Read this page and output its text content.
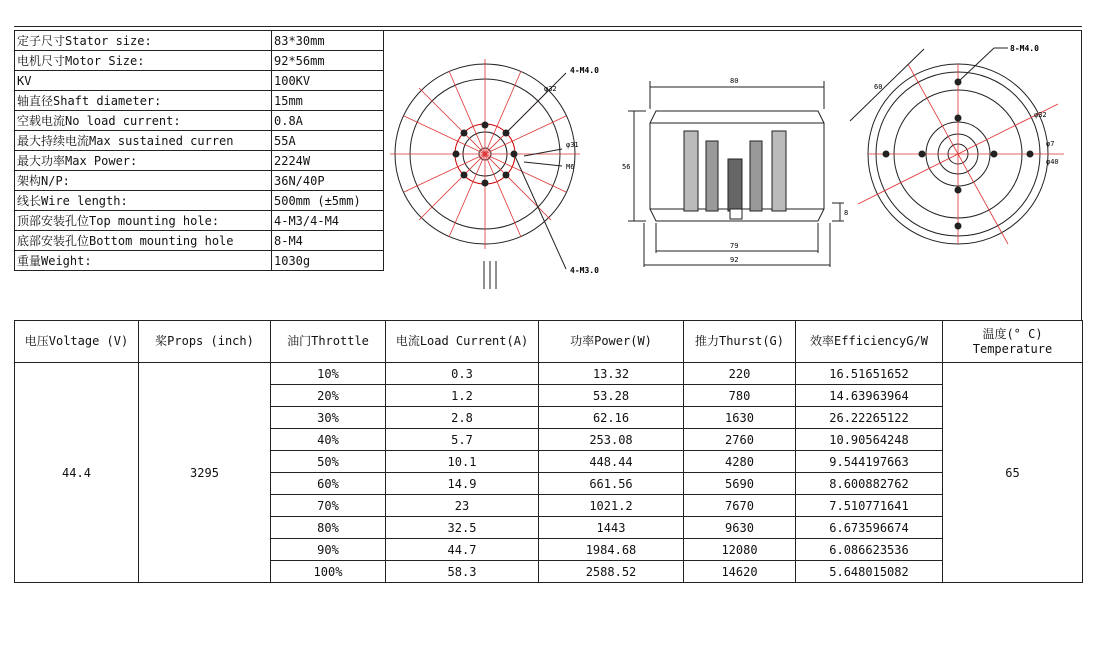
定子尺寸Stator size:	83*30mm
电机尺寸Motor Size:	92*56mm
KV	100KV
轴直径Shaft diameter:	15mm
空载电流No load current:	0.8A
最大持续电流Max sustained curren	55A
最大功率Max Power:	2224W
架构N/P:	36N/40P
线长Wire length:	500mm (±5mm)
顶部安装孔位Top mounting hole:	4-M3/4-M4
底部安装孔位Bottom mounting hole	8-M4
重量Weight:	1030g
4-M4.0
φ32
φ31
M6
4-M3.0
80
56
79
92
8
8-M4.0
60
φ32
φ7
φ40
电压Voltage (V)	桨Props (inch)	油门Throttle	电流Load Current(A)	功率Power(W)	推力Thurst(G)	效率EfficiencyG/W	温度(° C)
Temperature
44.4	3295	10%	0.3	13.32	220	16.51651652	65
		20%	1.2	53.28	780	14.63963964	
		30%	2.8	62.16	1630	26.22265122	
		40%	5.7	253.08	2760	10.90564248	
		50%	10.1	448.44	4280	9.544197663	
		60%	14.9	661.56	5690	8.600882762	
		70%	23	1021.2	7670	7.510771641	
		80%	32.5	1443	9630	6.673596674	
		90%	44.7	1984.68	12080	6.086623536	
		100%	58.3	2588.52	14620	5.648015082	
